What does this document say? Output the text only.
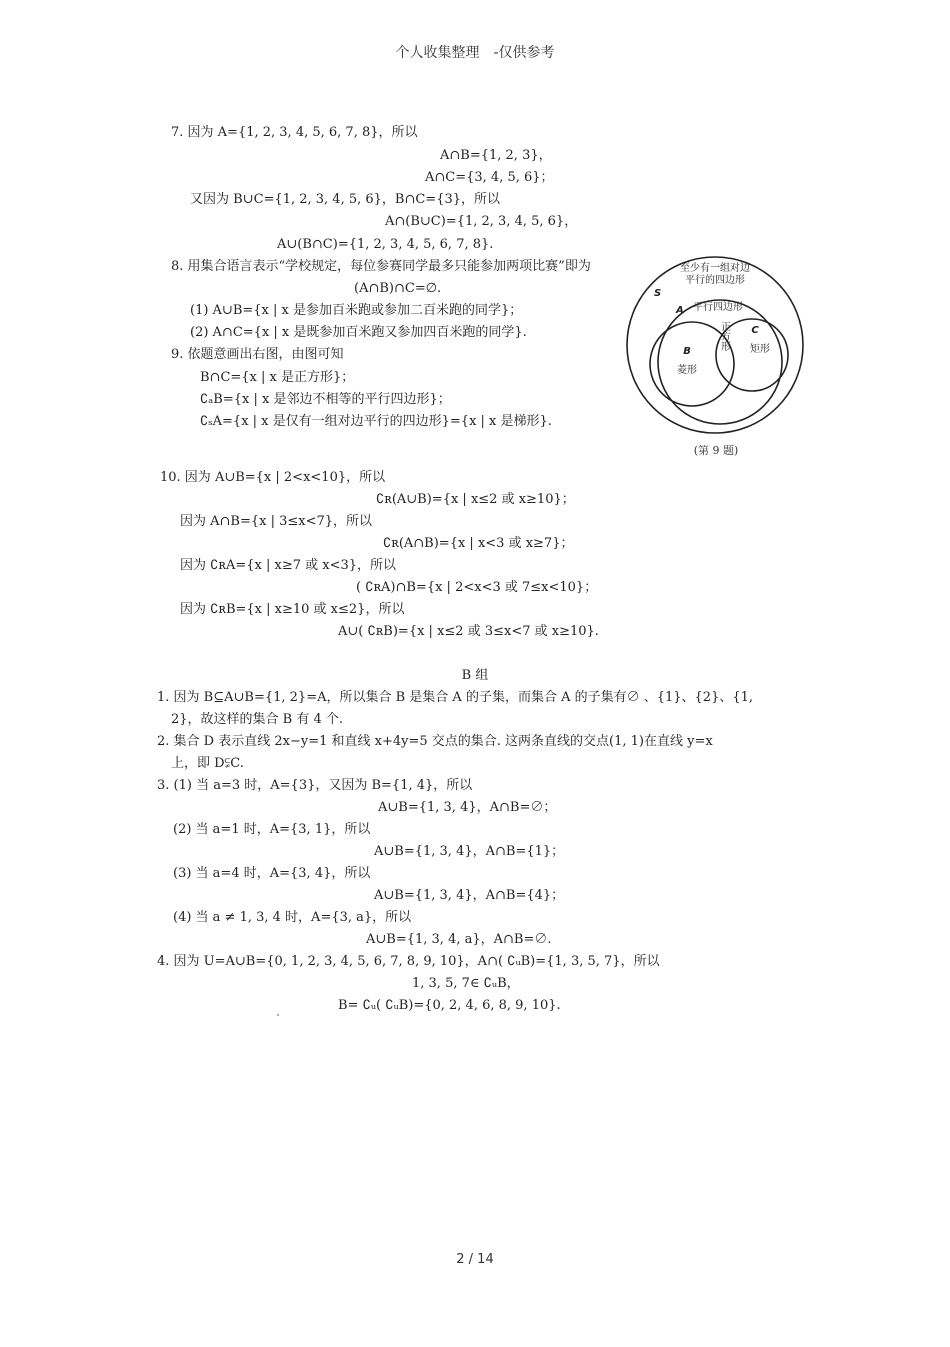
个人收集整理　-仅供参考
7. 因为 A={1, 2, 3, 4, 5, 6, 7, 8}，所以
A∩B={1, 2, 3}，
A∩C={3, 4, 5, 6}；
又因为 B∪C={1, 2, 3, 4, 5, 6}，B∩C={3}，所以
A∩(B∪C)={1, 2, 3, 4, 5, 6}，
A∪(B∩C)={1, 2, 3, 4, 5, 6, 7, 8}.
8. 用集合语言表示“学校规定，每位参赛同学最多只能参加两项比赛”即为
(A∩B)∩C=∅.
(1) A∪B={x | x 是参加百米跑或参加二百米跑的同学}；
(2) A∩C={x | x 是既参加百米跑又参加四百米跑的同学}.
9. 依题意画出右图，由图可知
B∩C={x | x 是正方形}；
∁ₐB={x | x 是邻边不相等的平行四边形}；
∁ₛA={x | x 是仅有一组对边平行的四边形}={x | x 是梯形}.
至少有一组对边
平行的四边形
S
A 平行四边形
B
菱形
C
矩形
正方形
(第 9 题)
10. 因为 A∪B={x | 2<x<10}，所以
∁ʀ(A∪B)={x | x≤2 或 x≥10}；
因为 A∩B={x | 3≤x<7}，所以
∁ʀ(A∩B)={x | x<3 或 x≥7}；
因为 ∁ʀA={x | x≥7 或 x<3}，所以
( ∁ʀA)∩B={x | 2<x<3 或 7≤x<10}；
因为 ∁ʀB={x | x≥10 或 x≤2}，所以
A∪( ∁ʀB)={x | x≤2 或 3≤x<7 或 x≥10}.
B 组
1. 因为 B⊆A∪B={1, 2}=A，所以集合 B 是集合 A 的子集，而集合 A 的子集有∅ 、{1}、{2}、{1,
2}，故这样的集合 B 有 4 个.
2. 集合 D 表示直线 2x−y=1 和直线 x+4y=5 交点的集合. 这两条直线的交点(1, 1)在直线 y=x
上，即 D⫋C.
3. (1) 当 a=3 时，A={3}，又因为 B={1, 4}，所以
A∪B={1, 3, 4}，A∩B=∅；
(2) 当 a=1 时，A={3, 1}，所以
A∪B={1, 3, 4}，A∩B={1}；
(3) 当 a=4 时，A={3, 4}，所以
A∪B={1, 3, 4}，A∩B={4}；
(4) 当 a ≠ 1, 3, 4 时，A={3, a}，所以
A∪B={1, 3, 4, a}，A∩B=∅.
4. 因为 U=A∪B={0, 1, 2, 3, 4, 5, 6, 7, 8, 9, 10}，A∩( ∁ᵤB)={1, 3, 5, 7}，所以
1, 3, 5, 7∈ ∁ᵤB，
B= ∁ᵤ( ∁ᵤB)={0, 2, 4, 6, 8, 9, 10}.
2 / 14
